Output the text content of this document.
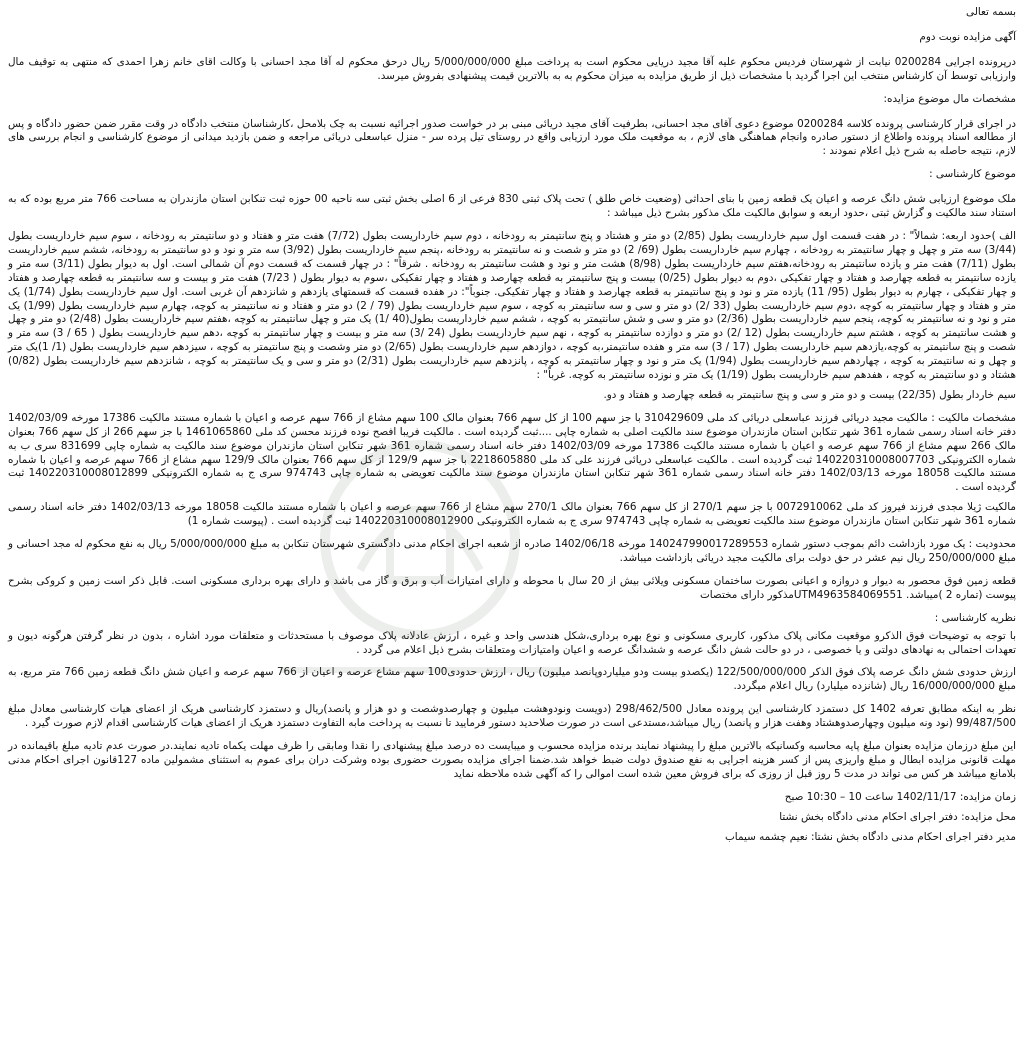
بسمه تعالی

آگهی مزایده نوبت دوم

درپرونده اجرایی 0200284 نیابت از شهرستان فردیس محکوم علیه آقا مجید دریایی محکوم است به پرداخت مبلغ 5/000/000/000 ریال درحق محکوم له آقا مجد احسانی با وکالت اقای خانم زهرا احمدی که منتهی به توقیف مال وارزیابی توسط آن کارشناس منتخب این اجرا گردید با مشخصات ذیل از طریق مزایده به میزان محکوم به به بالاترین قیمت پیشنهادی بفروش میرسد.

مشخصات مال موضوع مزایده:

در اجرای قرار کارشناسی پرونده کلاسه 0200284 موضوع دعوی آقای مجد احسانی، بطرفیت آقای مجید دریائی مبنی بر در خواست صدور اجرائیه نسبت به چک بلامحل ،کارشناسان منتخب دادگاه در وقت مقرر ضمن حضور دادگاه و پس از مطالعه اسناد پرونده واطلاع از دستور صادره وانجام هماهنگی های لازم ، به موقعیت ملک مورد ارزیابی واقع در روستای تیل پرده سر - منزل عباسعلی دریائی مراجعه و ضمن بازدید میدانی از موضوع کارشناسی و انجام بررسی های لازم، نتیجه حاصله به شرح ذیل اعلام نمودند :

موضوع کارشناسی :

ملک موضوع ارزیابی شش دانگ عرصه و اعیان یک قطعه زمین با بنای احداثی (وضعیت خاص طلق ) تحت پلاک ثبتی 830 فرعی از 6 اصلی بخش ثبتی سه ناحیه 00 حوزه ثبت تنکابن استان مازندران به مساحت 766 متر مربع بوده که به استناد سند مالکیت و گزارش ثبتی ،حدود اربعه و سوابق مالکیت ملک مذکور بشرح ذیل میباشد :

الف )حدود اربعه: شمالاً" : در هفت قسمت اول سیم خارداریست بطول (2/85) دو متر و هشتاد و پنج سانتیمتر به رودخانه ، دوم سیم خارداریست بطول (7/72) هفت متر و هفتاد و دو سانتیمتر به رودخانه ، سوم سیم خارداریست بطول (3/44) سه متر و چهل و چهار سانتیمتر به رودخانه ، چهارم سیم خارداریست بطول (69/ 2) دو متر و شصت و نه سانتیمتر به رودخانه ،پنجم سیم خارداریست بطول (3/92) سه متر و نود و دو سانتیمتر به رودخانه، ششم سیم خارداریست بطول (7/11) هفت متر و یازده سانتیمتر به رودخانه،هفتم سیم خارداریست بطول (8/98) هشت متر و نود و هشت سانتیمتر به رودخانه . شرقاً" : در چهار قسمت که قسمت دوم آن شمالی است. اول به دیوار بطول (3/11) سه متر و یازده سانتیمتر به قطعه چهارصد و هفتاد و چهار تفکیکی ،دوم به دیوار بطول (0/25) بیست و پنج سانتیمتر به قطعه چهارصد و هفتاد و چهار تفکیکی ،سوم به دیوار بطول ( 7/23) هفت متر و بیست و سه سانتیمتر به قطعه چهارصد و هفتاد و چهار تفکیکی ، چهارم به دیوار بطول (95/ 11) یازده متر و نود و پنج سانتیمتر به قطعه چهارصد و هفتاد و چهار تفکیکی. جنوباً": در هفده قسمت که قسمتهای یازدهم و شانزدهم آن غربی است. اول سیم خارداریست بطول (1/74) یک متر و هفتاد و چهار سانتیمتر به کوچه ،دوم سیم خارداریست بطول (33 /2) دو متر و سی و سه سانتیمتر به کوچه ، سوم سیم خارداریست بطول (79 / 2) دو متر و هفتاد و نه سانتیمتر به کوچه، چهارم سیم خارداریست بطول (1/99) یک متر و نود و نه سانتیمتر به کوچه، پنجم سیم خارداریست بطول (2/36) دو متر و سی و شش سانتیمتر به کوچه ، ششم سیم خارداریست بطول(40 /1) یک متر و چهل سانتیمتر به کوچه ،هفتم سیم خارداریست بطول (2/48) دو متر و چهل و هشت سانتیمتر به کوچه ، هشتم سیم خارداریست بطول (12 /2) دو متر و دوازده سانتیمتر به کوچه ، نهم سیم خارداریست بطول (24 /3) سه متر و بیست و چهار سانتیمتر به کوچه ،دهم سیم خارداریست بطول ( 65 / 3) سه متر و شصت و پنج سانتیمتر به کوچه،یازدهم سیم خارداریست بطول (17 / 3) سه متر و هفده سانتیمتر،به کوچه ، دوازدهم سیم خارداریست بطول (2/65) دو متر وشصت و پنج سانتیمتر به کوچه ، سیزدهم سیم خارداریست بطول (1/ 1)یک متر و چهل و نه سانتیمتر به کوچه ، چهاردهم سیم خارداریست بطول (1/94) یک متر و نود و چهار سانتیمتر به کوچه ، پانزدهم سیم خارداریست بطول (2/31) دو متر و سی و یک سانتیمتر به کوچه ، شانزدهم سیم خارداریست بطول (0/82) هشتاد و دو سانتیمتر به کوچه ، هفدهم سیم خارداریست بطول (1/19) یک متر و نوزده سانتیمتر به کوچه. غرباً" :

سیم خاردار بطول (22/35) بیست و دو متر و سی و پنج سانتیمتر به قطعه چهارصد و هفتاد و دو.

مشخصات مالکیت : مالکیت مجید دریائی فرزند عباسعلی دریائی کد ملی 310429609 با جز سهم 100 از کل سهم 766 بعنوان مالک 100 سهم مشاع از 766 سهم عرصه و اعیان با شماره مستند مالکیت 17386 مورخه 1402/03/09 دفتر خانه اسناد رسمی شماره 361 شهر تنکابن استان مازندران موضوع سند مالکیت اصلی به شماره چاپی ....ثبت گردیده است . مالکیت فریبا افصح نوده فرزند محسن کد ملی 1461065860 با جز سهم 266 از کل سهم 766 بعنوان مالک 266 سهم مشاع از 766 سهم عرصه و اعیان با شماره مستند مالکیت 17386 مورخه 1402/03/09 دفتر خانه اسناد رسمی شماره 361 شهر تنکابن استان مازندران موضوع سند مالکیت به شماره چاپی 831699 سری ب به شماره الکترونیکی 140220310008007703 ثبت گردیده است . مالکیت عباسعلی دریائی فرزند علی کد ملی 2218605880 با جز سهم 129/9 از کل سهم 766 بعنوان مالک 129/9 سهم مشاع از 766 سهم عرصه و اعیان با شماره مستند مالکیت 18058 مورخه 1402/03/13 دفتر خانه اسناد رسمی شماره 361 شهر تنکابن استان مازندران موضوع سند مالکیت تعویضی به شماره چاپی 974743 سری ج به شماره الکترونیکی 140220310008012899 ثبت گردیده است .

مالکیت ژیلا مجدی فرزند فیروز کد ملی 0072910062 با جز سهم 270/1 از کل سهم 766 بعنوان مالک 270/1 سهم مشاع از 766 سهم عرصه و اعیان با شماره مستند مالکیت 18058 مورخه 1402/03/13 دفتر خانه اسناد رسمی شماره 361 شهر تنکابن استان مازندران موضوع سند مالکیت تعویضی به شماره چاپی 974743 سری ج به شماره الکترونیکی 140220310008012900 ثبت گردیده است . (پیوست شماره 1)

محدودیت : یک مورد بازداشت دائم بموجب دستور شماره 140247990017289553 مورخه 1402/06/18 صادره از شعبه اجرای احکام مدنی دادگستری شهرستان تنکابن به مبلغ 5/000/000/000 ریال به نفع محکوم له مجد احسانی و مبلغ 250/000/000 ریال نیم عشر در حق دولت برای مالکیت مجید دریائی بازداشت میباشد.

قطعه زمین فوق محصور به دیوار و دروازه و اعیانی بصورت ساختمان مسکونی ویلائی بیش از 20 سال با محوطه و دارای امتیازات آب و برق و گاز می باشد و دارای بهره برداری مسکونی است. قابل ذکر است زمین و کروکی بشرح پیوست (تماره 2 )میباشد. UTM4963584069551مذکور دارای مختصات

نظریه کارشناسی :

با توجه به توضیحات فوق الذکرو موقعیت مکانی پلاک مذکور، کاربری مسکونی و نوع بهره برداری،شکل هندسی واحد و غیره ، ارزش عادلانه پلاک موصوف با مستحدثات و متعلقات مورد اشاره ، بدون در نظر گرفتن هرگونه دیون و تعهدات احتمالی به نهادهای دولتی و یا خصوصی ، در دو حالت شش دانگ عرصه و ششدانگ عرصه و اعیان وامتیازات ومتعلقات بشرح ذیل اعلام می گردد .

ارزش حدودی شش دانگ عرصه پلاک فوق الذکر 122/500/000/000 (یکصدو بیست ودو میلیاردوپانصد میلیون) ریال ، ارزش حدودی100 سهم مشاع عرصه و اعیان از 766 سهم عرصه و اعیان شش دانگ قطعه زمین 766 متر مربع، به مبلغ 16/000/000/000 ریال (شانزده میلیارد) ریال اعلام میگردد.

نظر به اینکه مطابق تعرفه 1402 کل دستمزد کارشناسی این پرونده معادل 298/462/500 (دویست ونودوهشت میلیون و چهارصدوشصت و دو هزار و پانصد)ریال و دستمزد کارشناسی هریک از اعضای هیات کارشناسی معادل مبلغ 99/487/500 (نود ونه میلیون وچهارصدوهشتاد وهفت هزار و پانصد) ریال میباشد،مستدعی است در صورت صلاحدید دستور فرمایید تا نسبت به پرداخت مابه التفاوت دستمزد هریک از اعضای هیات کارشناسی اقدام لازم صورت گیرد .

این مبلغ درزمان مزایده بعنوان مبلغ پایه محاسبه وکسانیکه بالاترین مبلغ را پیشنهاد نمایند برنده مزایده محسوب و میبایست ده درصد مبلغ پیشنهادی را نقدا ومابقی را ظرف مهلت یکماه تادیه نمایند.در صورت عدم تادیه مبلغ باقیمانده در مهلت قانونی مزایده ابطال و مبلغ واریزی پس از کسر هزینه اجرایی به نفع صندوق دولت ضبط خواهد شد.ضمنا اجرای مزایده بصورت حضوری بوده وشرکت دران برای عموم به استثنای مشمولین ماده 127قانون اجرای احکام مدنی بلامانع میباشد هر کس می تواند در مدت 5 روز قبل از روزی که برای فروش معین شده است اموالی را که آگهی شده ملاحظه نماید

زمان مزایده: 1402/11/17 ساعت 10 – 10:30 صبح

محل مزایده: دفتر اجرای احکام مدنی دادگاه بخش نشتا

مدیر دفتر اجرای احکام مدنی دادگاه بخش نشتا: نعیم چشمه سیماب
